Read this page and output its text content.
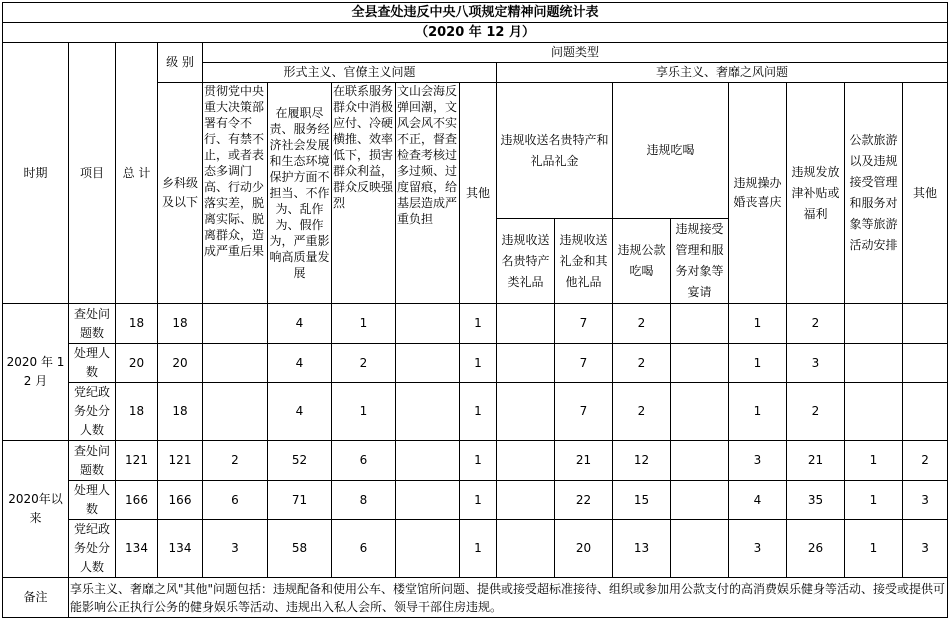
全县查处违反中央八项规定精神问题统计表																
（2020 年 12 月）																
时期	项目	总 计	级 别	问题类型												
				形式主义、官僚主义问题					享乐主义、奢靡之风问题							
			乡科级及以下	贯彻党中央重大决策部署有令不行、有禁不止，或者表态多调门高、行动少落实差，脱离实际、脱离群众，造成严重后果	在履职尽责、服务经济社会发展和生态环境保护方面不担当、不作为、乱作为、假作为，严重影响高质量发展	在联系服务群众中消极应付、冷硬横推、效率低下，损害群众利益，群众反映强烈	文山会海反弹回潮，文风会风不实不正，督查检查考核过多过频、过度留痕，给基层造成严重负担	其他	违规收送名贵特产和礼品礼金		违规吃喝		违规操办婚丧喜庆	违规发放津补贴或福利	公款旅游以及违规接受管理和服务对象等旅游活动安排	其他

									违规收送名贵特产类礼品	违规收送礼金和其他礼品	违规公款吃喝	违规接受管理和服务对象等宴请				
2020 年 12 月	查处问题数	18	18		4	1		1		7	2		1	2		
	处理人数	20	20		4	2		1		7	2		1	3		
	党纪政务处分人数	18	18		4	1		1		7	2		1	2		
2020年以来	查处问题数	121	121	2	52	6		1		21	12		3	21	1	2
	处理人数	166	166	6	71	8		1		22	15		4	35	1	3
	党纪政务处分人数	134	134	3	58	6		1		20	13		3	26	1	3
备注	享乐主义、奢靡之风"其他"问题包括：违规配备和使用公车、楼堂馆所问题、提供或接受超标准接待、组织或参加用公款支付的高消费娱乐健身等活动、接受或提供可能影响公正执行公务的健身娱乐等活动、违规出入私人会所、领导干部住房违规。															
